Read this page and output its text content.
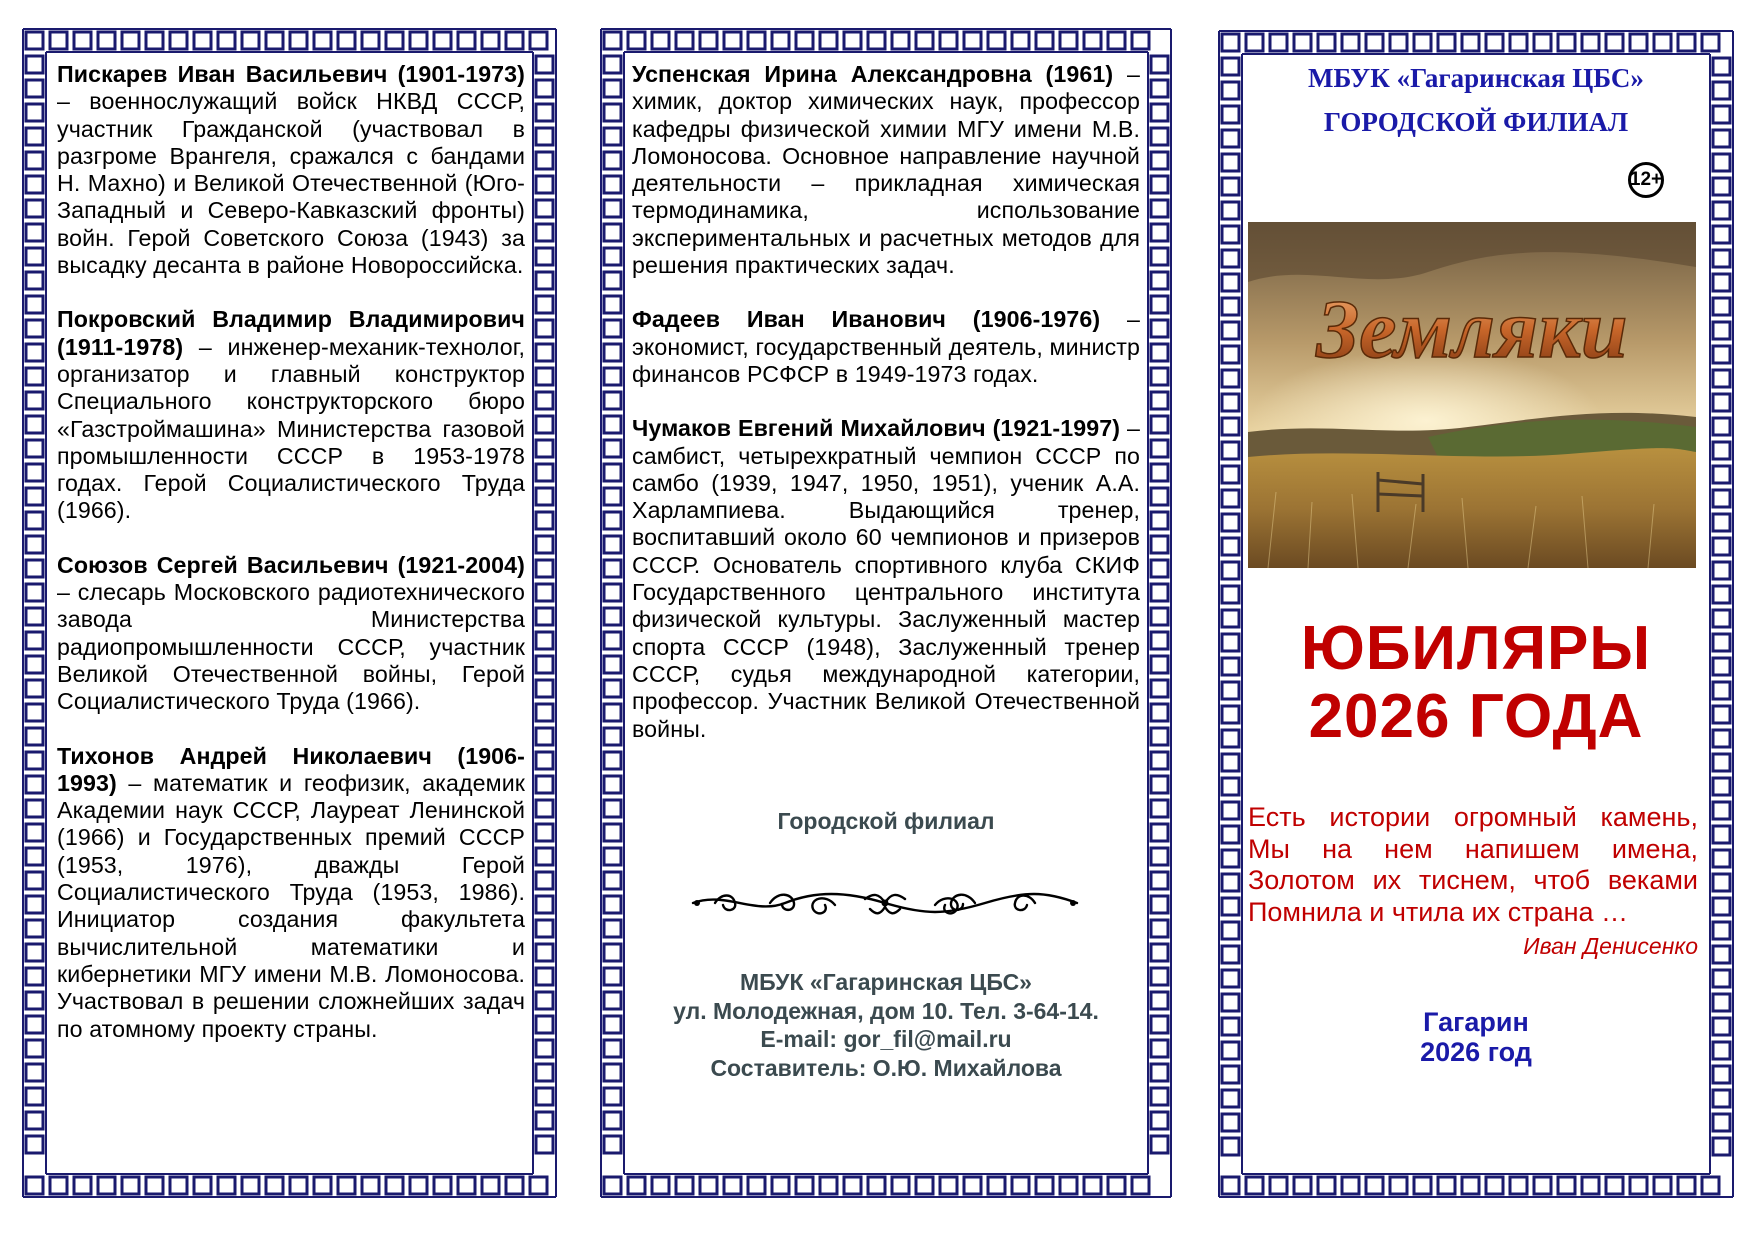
Пискарев Иван Васильевич (1901-1973) – военнослужащий войск НКВД СССР, участник Гражданской (участвовал в разгроме Врангеля, сражался с бандами Н. Махно) и Великой Отечественной (Юго-Западный и Северо-Кавказский фронты) войн. Герой Советского Союза (1943) за высадку десанта в районе Новороссийска.
Покровский Владимир Владимирович (1911-1978) – инженер-механик-технолог, организатор и главный конструктор Специального конструкторского бюро «Газстроймашина» Министерства газовой промышленности СССР в 1953-1978 годах. Герой Социалистического Труда (1966).
Союзов Сергей Васильевич (1921-2004) – слесарь Московского радиотехнического завода Министерства радиопромышленности СССР, участник Великой Отечественной войны, Герой Социалистического Труда (1966).
Тихонов Андрей Николаевич (1906-1993) – математик и геофизик, академик Академии наук СССР, Лауреат Ленинской (1966) и Государственных премий СССР (1953, 1976), дважды Герой Социалистического Труда (1953, 1986). Инициатор создания факультета вычислительной математики и кибернетики МГУ имени М.В. Ломоносова. Участвовал в решении сложнейших задач по атомному проекту страны.
Успенская Ирина Александровна (1961) – химик, доктор химических наук, профессор кафедры физической химии МГУ имени М.В. Ломоносова. Основное направление научной деятельности – прикладная химическая термодинамика, использование экспериментальных и расчетных методов для решения практических задач.
Фадеев Иван Иванович (1906-1976) – экономист, государственный деятель, министр финансов РСФСР в 1949-1973 годах.
Чумаков Евгений Михайлович (1921-1997) – самбист, четырехкратный чемпион СССР по самбо (1939, 1947, 1950, 1951), ученик А.А. Харлампиева. Выдающийся тренер, воспитавший около 60 чемпионов и призеров СССР. Основатель спортивного клуба СКИФ Государственного центрального института физической культуры. Заслуженный мастер спорта СССР (1948), Заслуженный тренер СССР, судья международной категории, профессор. Участник Великой Отечественной войны.
Городской филиал
МБУК «Гагаринская ЦБС»
ул. Молодежная, дом 10. Тел. 3-64-14.
E-mail: gor_fil@mail.ru
Составитель: О.Ю. Михайлова
МБУК «Гагаринская ЦБС»
ГОРОДСКОЙ ФИЛИАЛ
12+
Земляки
ЮБИЛЯРЫ
2026 ГОДА
Есть истории огромный камень,
Мы на нем напишем имена,
Золотом их тиснем, чтоб веками
Помнила и чтила их страна …
Иван Денисенко
Гагарин
2026 год
